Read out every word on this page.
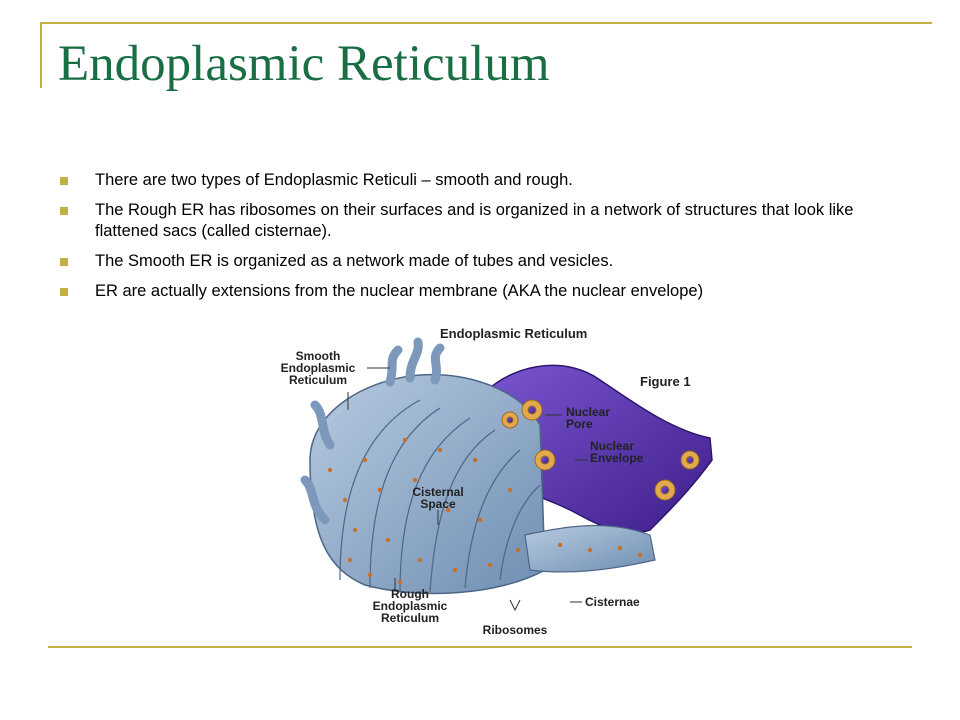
Endoplasmic Reticulum
There are two types of Endoplasmic Reticuli – smooth and rough.
The Rough ER has ribosomes on their surfaces and is organized in a network of structures that look like flattened sacs (called cisternae).
The Smooth ER is organized as a network made of tubes and vesicles.
ER are actually extensions from the nuclear membrane (AKA the nuclear envelope)
Endoplasmic Reticulum
Figure 1
Smooth
Endoplasmic
Reticulum
Nuclear
Pore
Nuclear
Envelope
Cisternal
Space
Rough
Endoplasmic
Reticulum
Cisternae
Ribosomes
